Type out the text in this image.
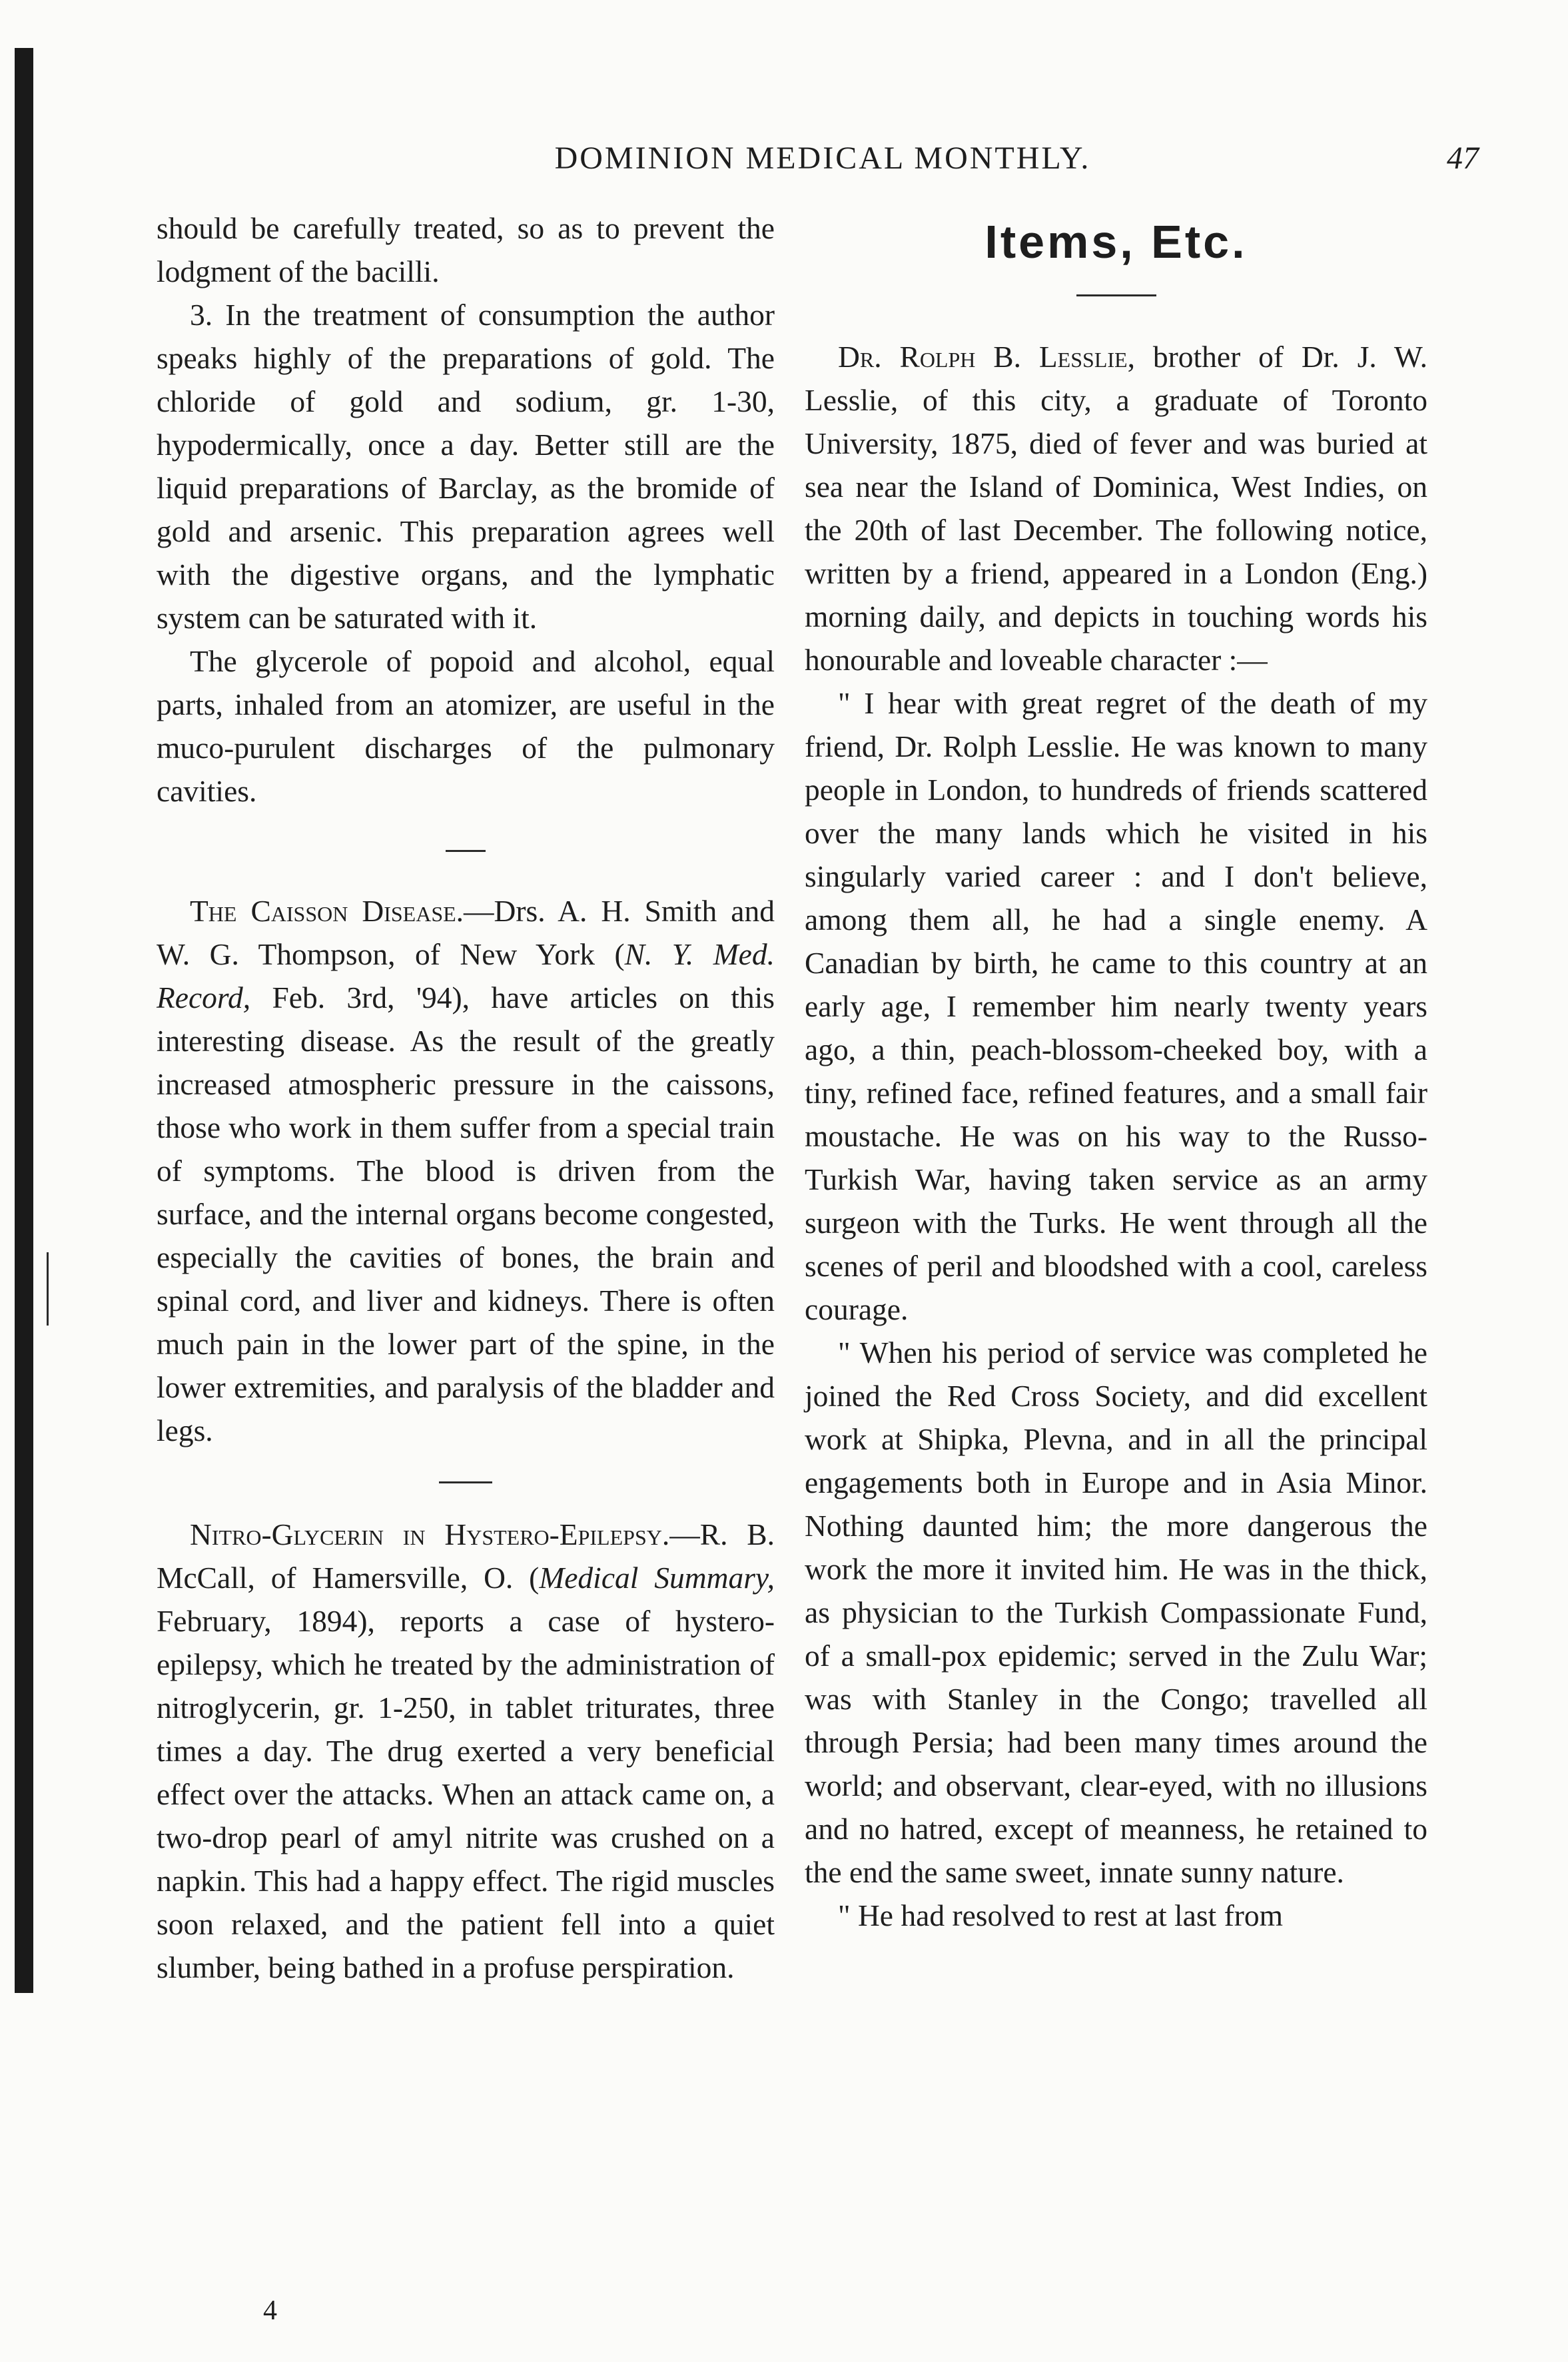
DOMINION MEDICAL MONTHLY.	47

should be carefully treated, so as to prevent the lodgment of the bacilli.

3. In the treatment of consumption the author speaks highly of the preparations of gold. The chloride of gold and sodium, gr. 1-30, hypodermically, once a day. Better still are the liquid preparations of Barclay, as the bromide of gold and arsenic. This preparation agrees well with the digestive organs, and the lymphatic system can be saturated with it.

The glycerole of popoid and alcohol, equal parts, inhaled from an atomizer, are useful in the muco-purulent discharges of the pulmonary cavities.

The Caisson Disease.—Drs. A. H. Smith and W. G. Thompson, of New York (N. Y. Med. Record, Feb. 3rd, '94), have articles on this interesting disease. As the result of the greatly increased atmospheric pressure in the caissons, those who work in them suffer from a special train of symptoms. The blood is driven from the surface, and the internal organs become congested, especially the cavities of bones, the brain and spinal cord, and liver and kidneys. There is often much pain in the lower part of the spine, in the lower extremities, and paralysis of the bladder and legs.

Nitro-Glycerin in Hystero-Epilepsy.—R. B. McCall, of Hamersville, O. (Medical Summary, February, 1894), reports a case of hystero-epilepsy, which he treated by the administration of nitroglycerin, gr. 1-250, in tablet triturates, three times a day. The drug exerted a very beneficial effect over the attacks. When an attack came on, a two-drop pearl of amyl nitrite was crushed on a napkin. This had a happy effect. The rigid muscles soon relaxed, and the patient fell into a quiet slumber, being bathed in a profuse perspiration.

4
Items, Etc.

Dr. Rolph B. Lesslie, brother of Dr. J. W. Lesslie, of this city, a graduate of Toronto University, 1875, died of fever and was buried at sea near the Island of Dominica, West Indies, on the 20th of last December. The following notice, written by a friend, appeared in a London (Eng.) morning daily, and depicts in touching words his honourable and loveable character :—

" I hear with great regret of the death of my friend, Dr. Rolph Lesslie. He was known to many people in London, to hundreds of friends scattered over the many lands which he visited in his singularly varied career : and I don't believe, among them all, he had a single enemy. A Canadian by birth, he came to this country at an early age, I remember him nearly twenty years ago, a thin, peach-blossom-cheeked boy, with a tiny, refined face, refined features, and a small fair moustache. He was on his way to the Russo-Turkish War, having taken service as an army surgeon with the Turks. He went through all the scenes of peril and bloodshed with a cool, careless courage.

" When his period of service was completed he joined the Red Cross Society, and did excellent work at Shipka, Plevna, and in all the principal engagements both in Europe and in Asia Minor. Nothing daunted him; the more dangerous the work the more it invited him. He was in the thick, as physician to the Turkish Compassionate Fund, of a small-pox epidemic; served in the Zulu War; was with Stanley in the Congo; travelled all through Persia; had been many times around the world; and observant, clear-eyed, with no illusions and no hatred, except of meanness, he retained to the end the same sweet, innate sunny nature.

" He had resolved to rest at last from
